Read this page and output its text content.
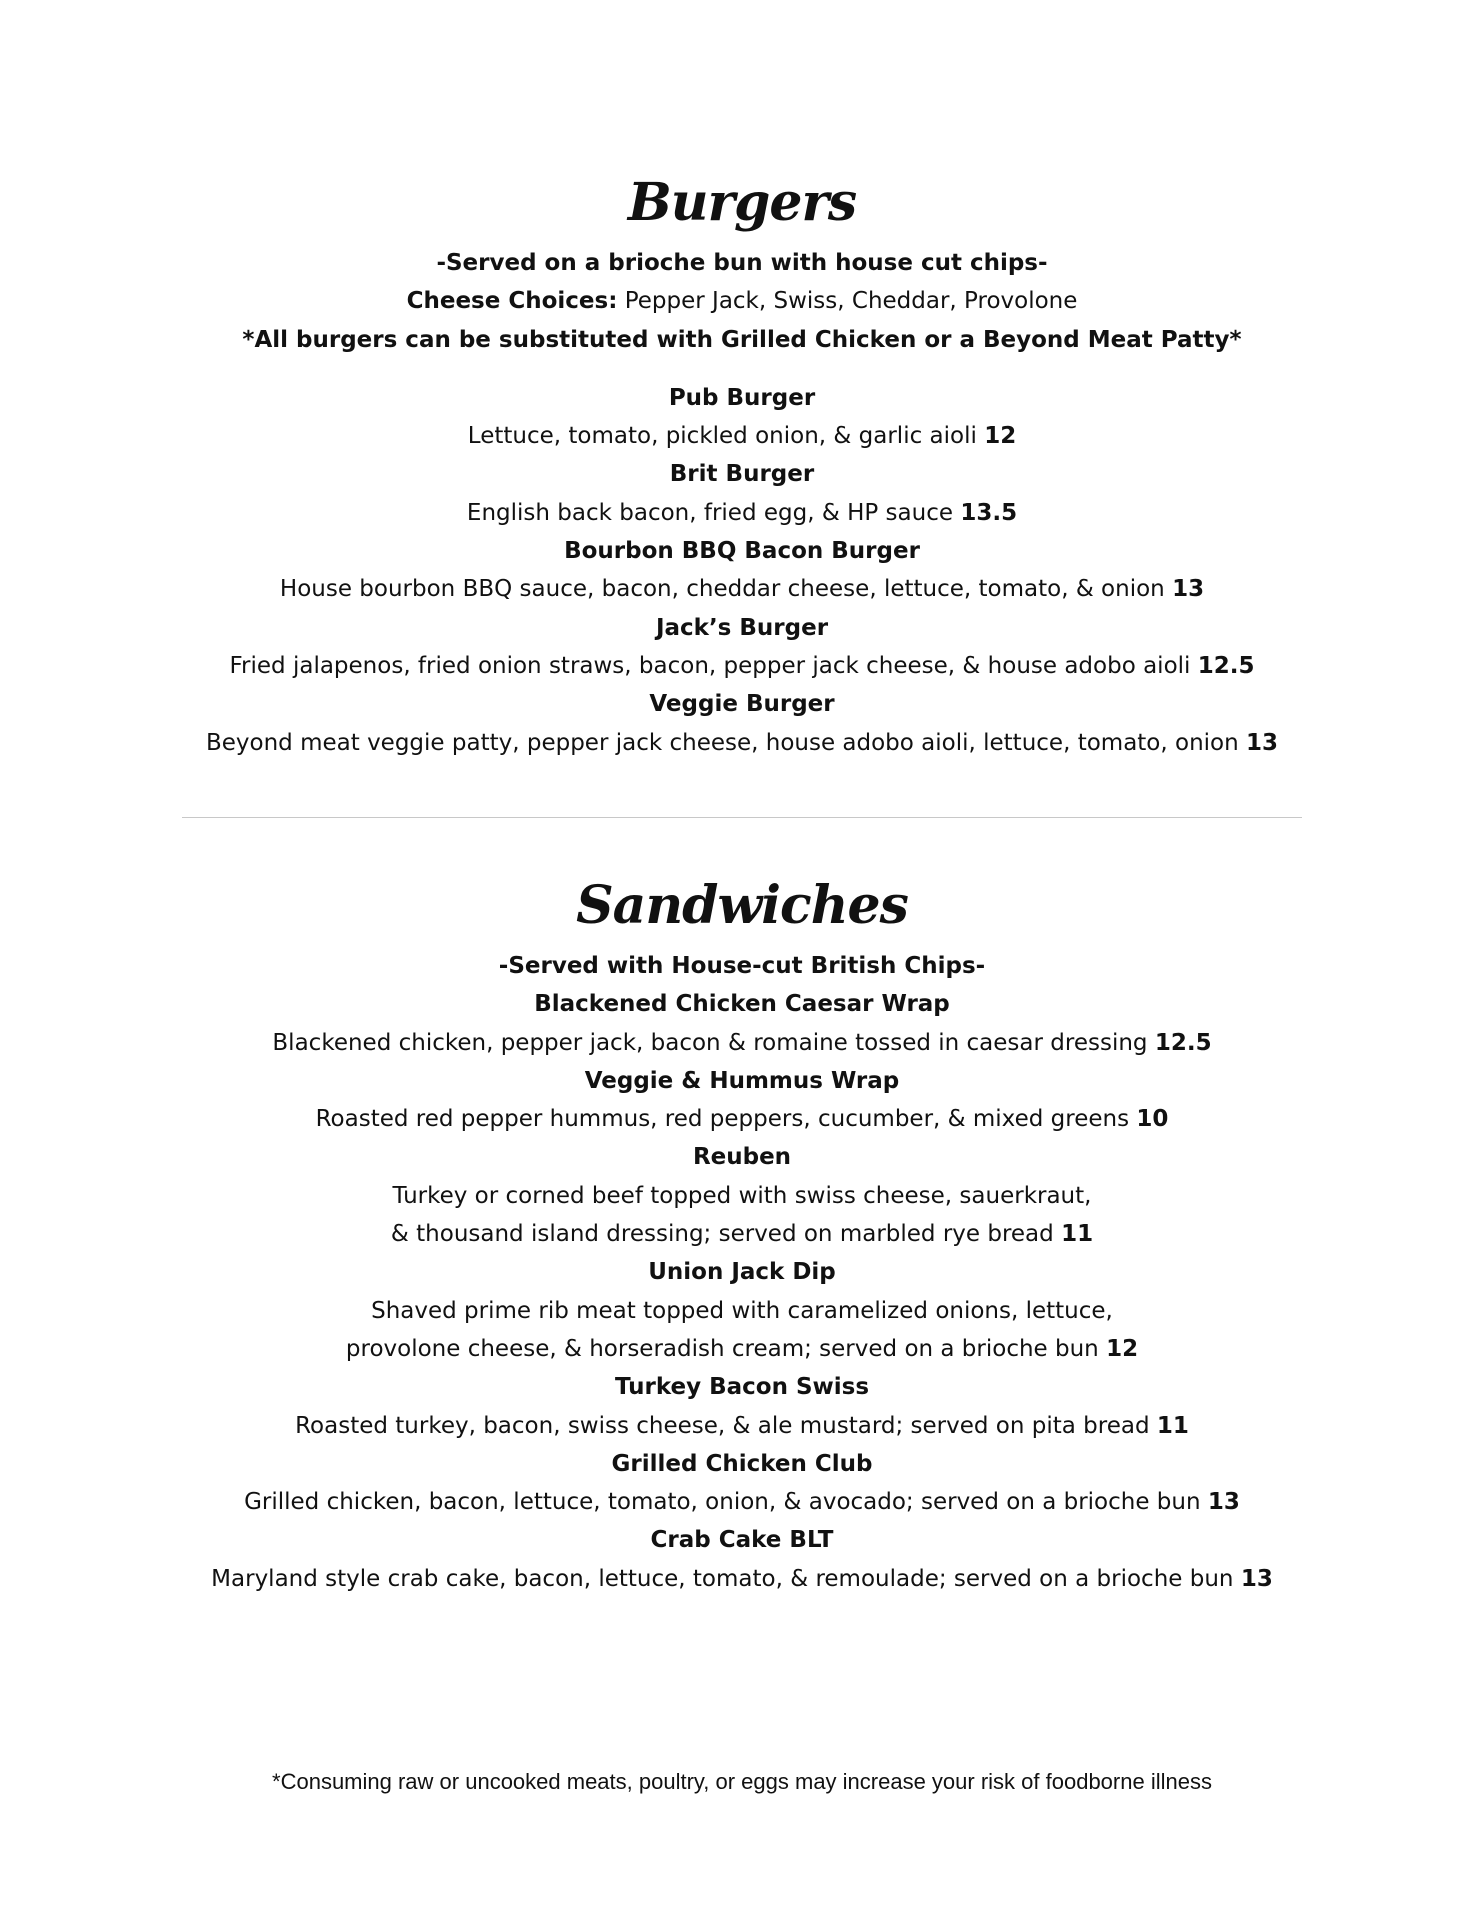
Burgers

-Served on a brioche bun with house cut chips-

Cheese Choices: Pepper Jack, Swiss, Cheddar, Provolone

*All burgers can be substituted with Grilled Chicken or a Beyond Meat Patty*

Pub Burger

Lettuce, tomato, pickled onion, & garlic aioli 12

Brit Burger

English back bacon, fried egg, & HP sauce 13.5

Bourbon BBQ Bacon Burger

House bourbon BBQ sauce, bacon, cheddar cheese, lettuce, tomato, & onion 13

Jack’s Burger

Fried jalapenos, fried onion straws, bacon, pepper jack cheese, & house adobo aioli 12.5

Veggie Burger

Beyond meat veggie patty, pepper jack cheese, house adobo aioli, lettuce, tomato, onion 13

Sandwiches

-Served with House-cut British Chips-

Blackened Chicken Caesar Wrap

Blackened chicken, pepper jack, bacon & romaine tossed in caesar dressing 12.5

Veggie & Hummus Wrap

Roasted red pepper hummus, red peppers, cucumber, & mixed greens 10

Reuben

Turkey or corned beef topped with swiss cheese, sauerkraut,

& thousand island dressing; served on marbled rye bread 11

Union Jack Dip

Shaved prime rib meat topped with caramelized onions, lettuce,

provolone cheese, & horseradish cream; served on a brioche bun 12

Turkey Bacon Swiss

Roasted turkey, bacon, swiss cheese, & ale mustard; served on pita bread 11

Grilled Chicken Club

Grilled chicken, bacon, lettuce, tomato, onion, & avocado; served on a brioche bun 13

Crab Cake BLT

Maryland style crab cake, bacon, lettuce, tomato, & remoulade; served on a brioche bun 13

*Consuming raw or uncooked meats, poultry, or eggs may increase your risk of foodborne illness
